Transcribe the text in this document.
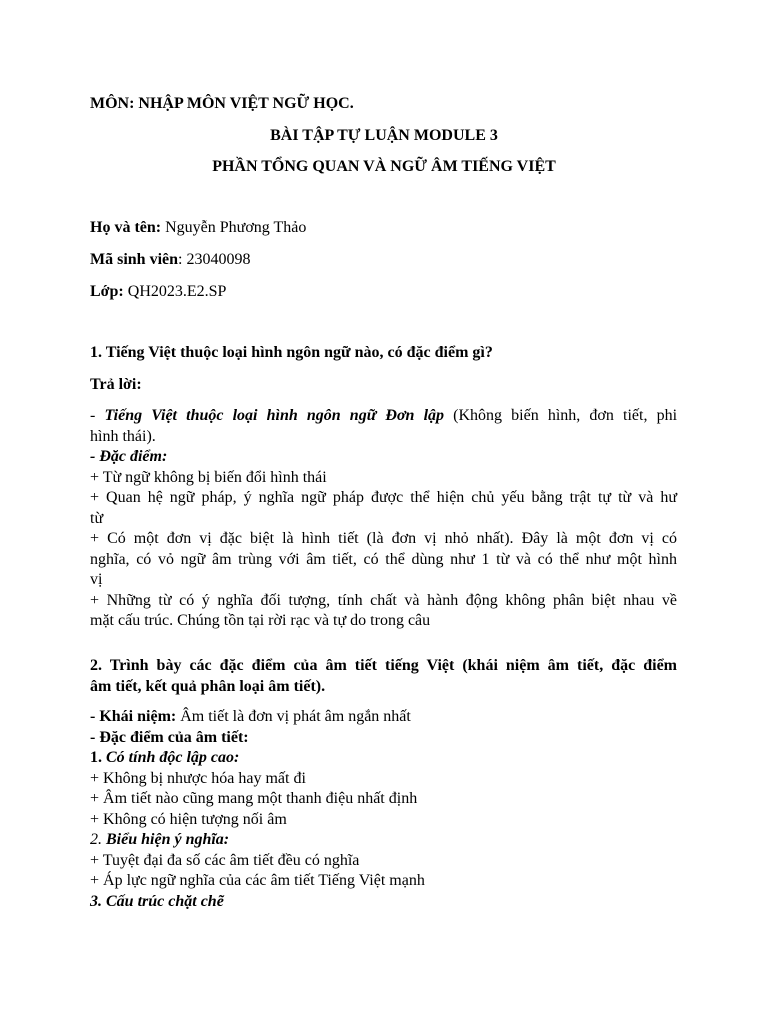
MÔN: NHẬP MÔN VIỆT NGỮ HỌC.
BÀI TẬP TỰ LUẬN MODULE 3
PHẦN TỔNG QUAN VÀ NGỮ ÂM TIẾNG VIỆT
Họ và tên: Nguyễn Phương Thảo
Mã sinh viên: 23040098
Lớp: QH2023.E2.SP
1. Tiếng Việt thuộc loại hình ngôn ngữ nào, có đặc điểm gì?
Trả lời:
- Tiếng Việt thuộc loại hình ngôn ngữ Đơn lập (Không biến hình, đơn tiết, phi
hình thái).
- Đặc điểm:
+ Từ ngữ không bị biến đổi hình thái
+ Quan hệ ngữ pháp, ý nghĩa ngữ pháp được thể hiện chủ yếu bằng trật tự từ và hư
từ
+ Có một đơn vị đặc biệt là hình tiết (là đơn vị nhỏ nhất). Đây là một đơn vị có
nghĩa, có vỏ ngữ âm trùng với âm tiết, có thể dùng như 1 từ và có thể như một hình
vị
+ Những từ có ý nghĩa đối tượng, tính chất và hành động không phân biệt nhau về
mặt cấu trúc. Chúng tồn tại rời rạc và tự do trong câu
2. Trình bày các đặc điểm của âm tiết tiếng Việt (khái niệm âm tiết, đặc điểm
âm tiết, kết quả phân loại âm tiết).
- Khái niệm: Âm tiết là đơn vị phát âm ngắn nhất
- Đặc điểm của âm tiết:
1. Có tính độc lập cao:
+ Không bị nhược hóa hay mất đi
+ Âm tiết nào cũng mang một thanh điệu nhất định
+ Không có hiện tượng nối âm
2. Biểu hiện ý nghĩa:
+ Tuyệt đại đa số các âm tiết đều có nghĩa
+ Áp lực ngữ nghĩa của các âm tiết Tiếng Việt mạnh
3. Cấu trúc chặt chẽ
